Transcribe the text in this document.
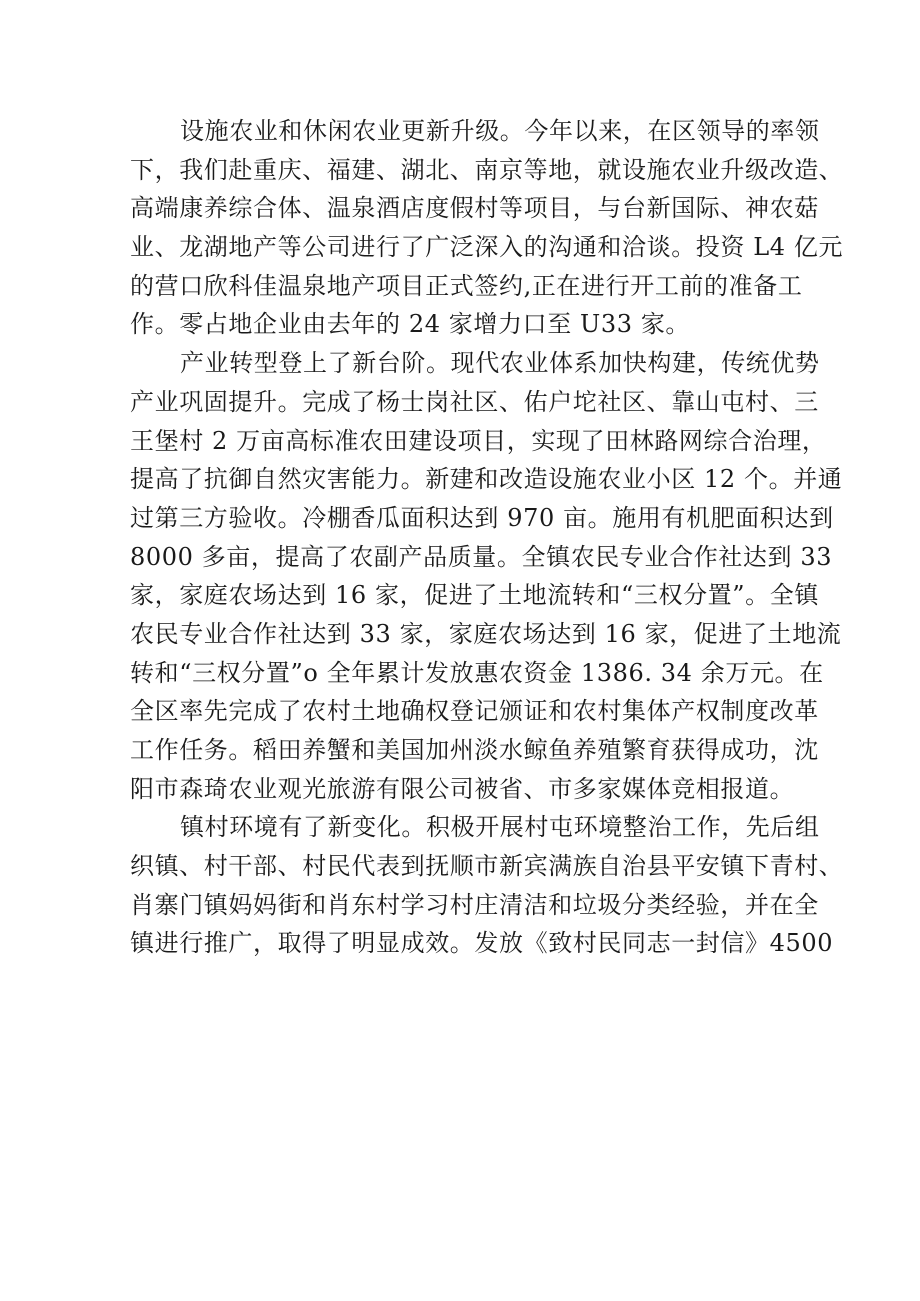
设施农业和休闲农业更新升级。今年以来，在区领导的率领
下，我们赴重庆、福建、湖北、南京等地，就设施农业升级改造、
高端康养综合体、温泉酒店度假村等项目，与台新国际、神农菇
业、龙湖地产等公司进行了广泛深入的沟通和洽谈。投资 L4 亿元
的营口欣科佳温泉地产项目正式签约,正在进行开工前的准备工
作。零占地企业由去年的 24 家增力口至 U33 家。
产业转型登上了新台阶。现代农业体系加快构建，传统优势
产业巩固提升。完成了杨士岗社区、佑户坨社区、靠山屯村、三
王堡村 2 万亩高标准农田建设项目，实现了田林路网综合治理，
提高了抗御自然灾害能力。新建和改造设施农业小区 12 个。并通
过第三方验收。冷棚香瓜面积达到 970 亩。施用有机肥面积达到
8000 多亩，提高了农副产品质量。全镇农民专业合作社达到 33
家，家庭农场达到 16 家，促进了土地流转和“三权分置”。全镇
农民专业合作社达到 33 家，家庭农场达到 16 家，促进了土地流
转和“三权分置”o 全年累计发放惠农资金 1386. 34 余万元。在
全区率先完成了农村土地确权登记颁证和农村集体产权制度改革
工作任务。稻田养蟹和美国加州淡水鲸鱼养殖繁育获得成功，沈
阳市森琦农业观光旅游有限公司被省、市多家媒体竞相报道。
镇村环境有了新变化。积极开展村屯环境整治工作，先后组
织镇、村干部、村民代表到抚顺市新宾满族自治县平安镇下青村、
肖寨门镇妈妈街和肖东村学习村庄清洁和垃圾分类经验，并在全
镇进行推广，取得了明显成效。发放《致村民同志一封信》4500
